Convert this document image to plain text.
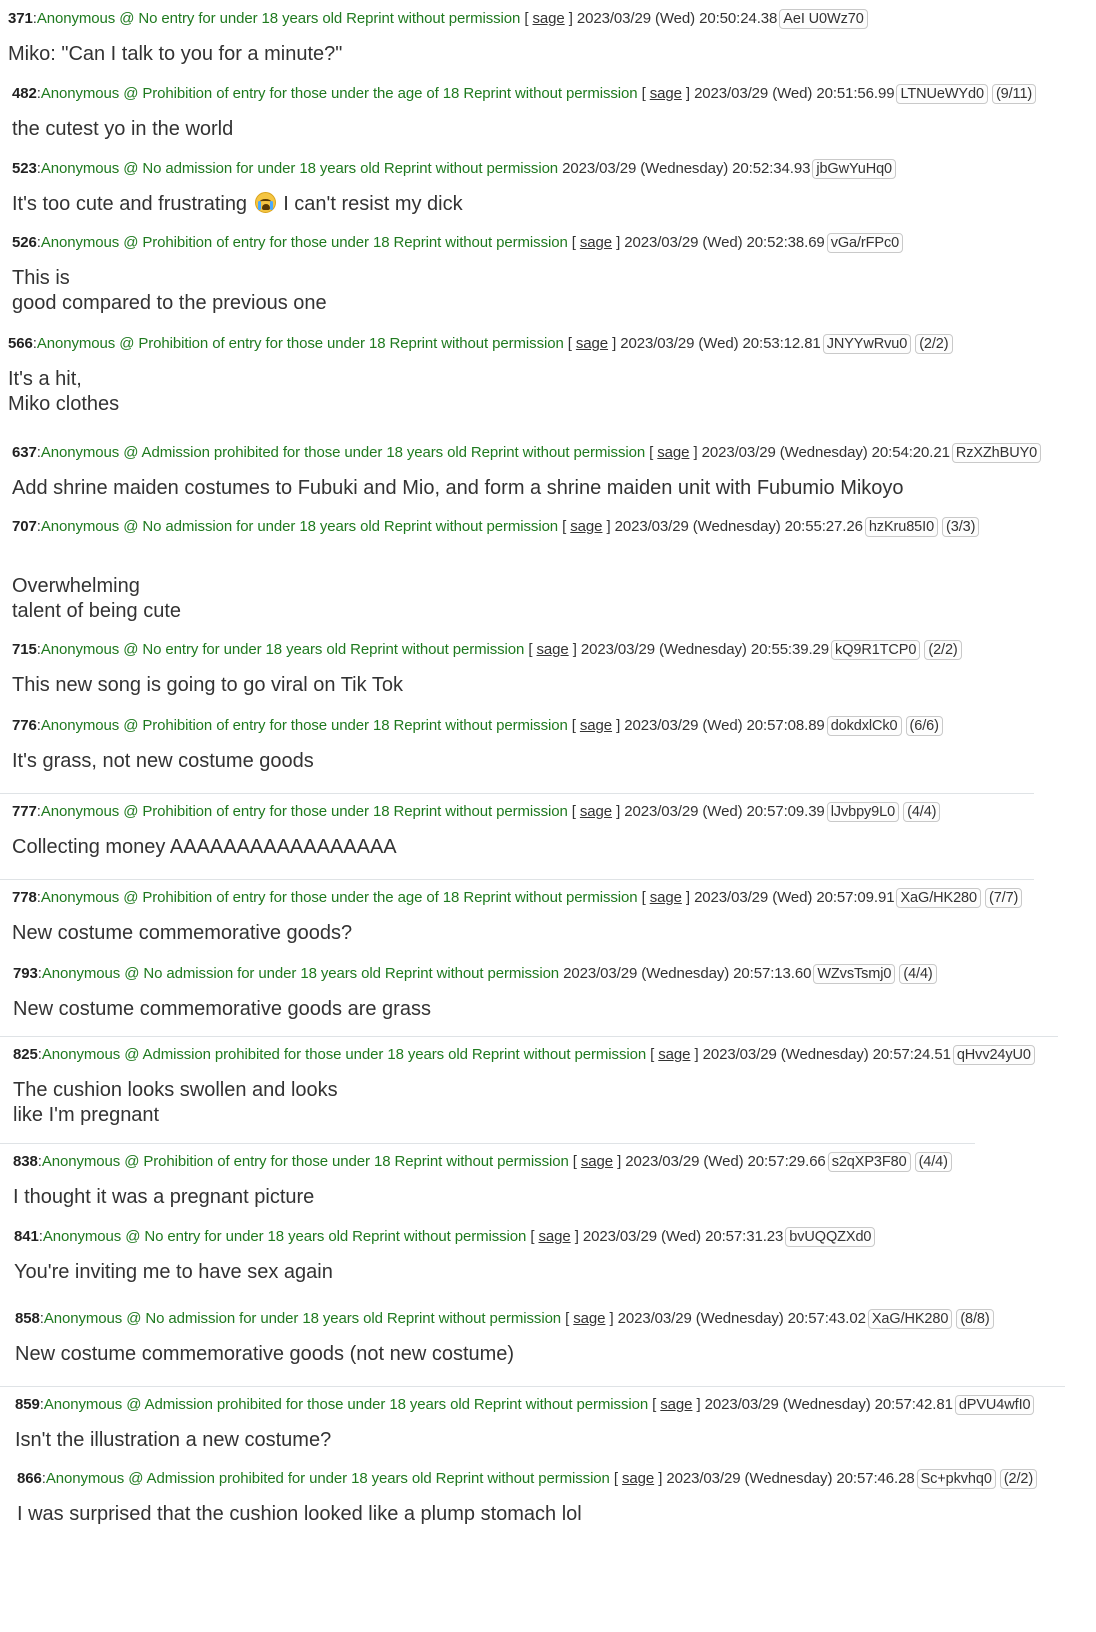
371:Anonymous @ No entry for under 18 years old Reprint without permission [ sage ] 2023/03/29 (Wed) 20:50:24.38 AeI U0Wz70
Miko: "Can I talk to you for a minute?"
482:Anonymous @ Prohibition of entry for those under the age of 18 Reprint without permission [ sage ] 2023/03/29 (Wed) 20:51:56.99 LTNUeWYd0 (9/11)
the cutest yo in the world
523:Anonymous @ No admission for under 18 years old Reprint without permission 2023/03/29 (Wednesday) 20:52:34.93 jbGwYuHq0
It's too cute and frustrating I can't resist my dick
526:Anonymous @ Prohibition of entry for those under 18 Reprint without permission [ sage ] 2023/03/29 (Wed) 20:52:38.69 vGa/rFPc0
This is
good compared to the previous one
566:Anonymous @ Prohibition of entry for those under 18 Reprint without permission [ sage ] 2023/03/29 (Wed) 20:53:12.81 JNYYwRvu0 (2/2)
It's a hit,
Miko clothes
637:Anonymous @ Admission prohibited for those under 18 years old Reprint without permission [ sage ] 2023/03/29 (Wednesday) 20:54:20.21 RzXZhBUY0
Add shrine maiden costumes to Fubuki and Mio, and form a shrine maiden unit with Fubumio Mikoyo
707:Anonymous @ No admission for under 18 years old Reprint without permission [ sage ] 2023/03/29 (Wednesday) 20:55:27.26 hzKru85I0 (3/3)
Overwhelming
talent of being cute
715:Anonymous @ No entry for under 18 years old Reprint without permission [ sage ] 2023/03/29 (Wednesday) 20:55:39.29 kQ9R1TCP0 (2/2)
This new song is going to go viral on Tik Tok
776:Anonymous @ Prohibition of entry for those under 18 Reprint without permission [ sage ] 2023/03/29 (Wed) 20:57:08.89 dokdxlCk0 (6/6)
It's grass, not new costume goods
777:Anonymous @ Prohibition of entry for those under 18 Reprint without permission [ sage ] 2023/03/29 (Wed) 20:57:09.39 lJvbpy9L0 (4/4)
Collecting money AAAAAAAAAAAAAAAAA
778:Anonymous @ Prohibition of entry for those under the age of 18 Reprint without permission [ sage ] 2023/03/29 (Wed) 20:57:09.91 XaG/HK280 (7/7)
New costume commemorative goods?
793:Anonymous @ No admission for under 18 years old Reprint without permission 2023/03/29 (Wednesday) 20:57:13.60 WZvsTsmj0 (4/4)
New costume commemorative goods are grass
825:Anonymous @ Admission prohibited for those under 18 years old Reprint without permission [ sage ] 2023/03/29 (Wednesday) 20:57:24.51 qHvv24yU0
The cushion looks swollen and looks
like I'm pregnant
838:Anonymous @ Prohibition of entry for those under 18 Reprint without permission [ sage ] 2023/03/29 (Wed) 20:57:29.66 s2qXP3F80 (4/4)
I thought it was a pregnant picture
841:Anonymous @ No entry for under 18 years old Reprint without permission [ sage ] 2023/03/29 (Wed) 20:57:31.23 bvUQQZXd0
You're inviting me to have sex again
858:Anonymous @ No admission for under 18 years old Reprint without permission [ sage ] 2023/03/29 (Wednesday) 20:57:43.02 XaG/HK280 (8/8)
New costume commemorative goods (not new costume)
859:Anonymous @ Admission prohibited for those under 18 years old Reprint without permission [ sage ] 2023/03/29 (Wednesday) 20:57:42.81 dPVU4wfI0
Isn't the illustration a new costume?
866:Anonymous @ Admission prohibited for under 18 years old Reprint without permission [ sage ] 2023/03/29 (Wednesday) 20:57:46.28 Sc+pkvhq0 (2/2)
I was surprised that the cushion looked like a plump stomach lol
